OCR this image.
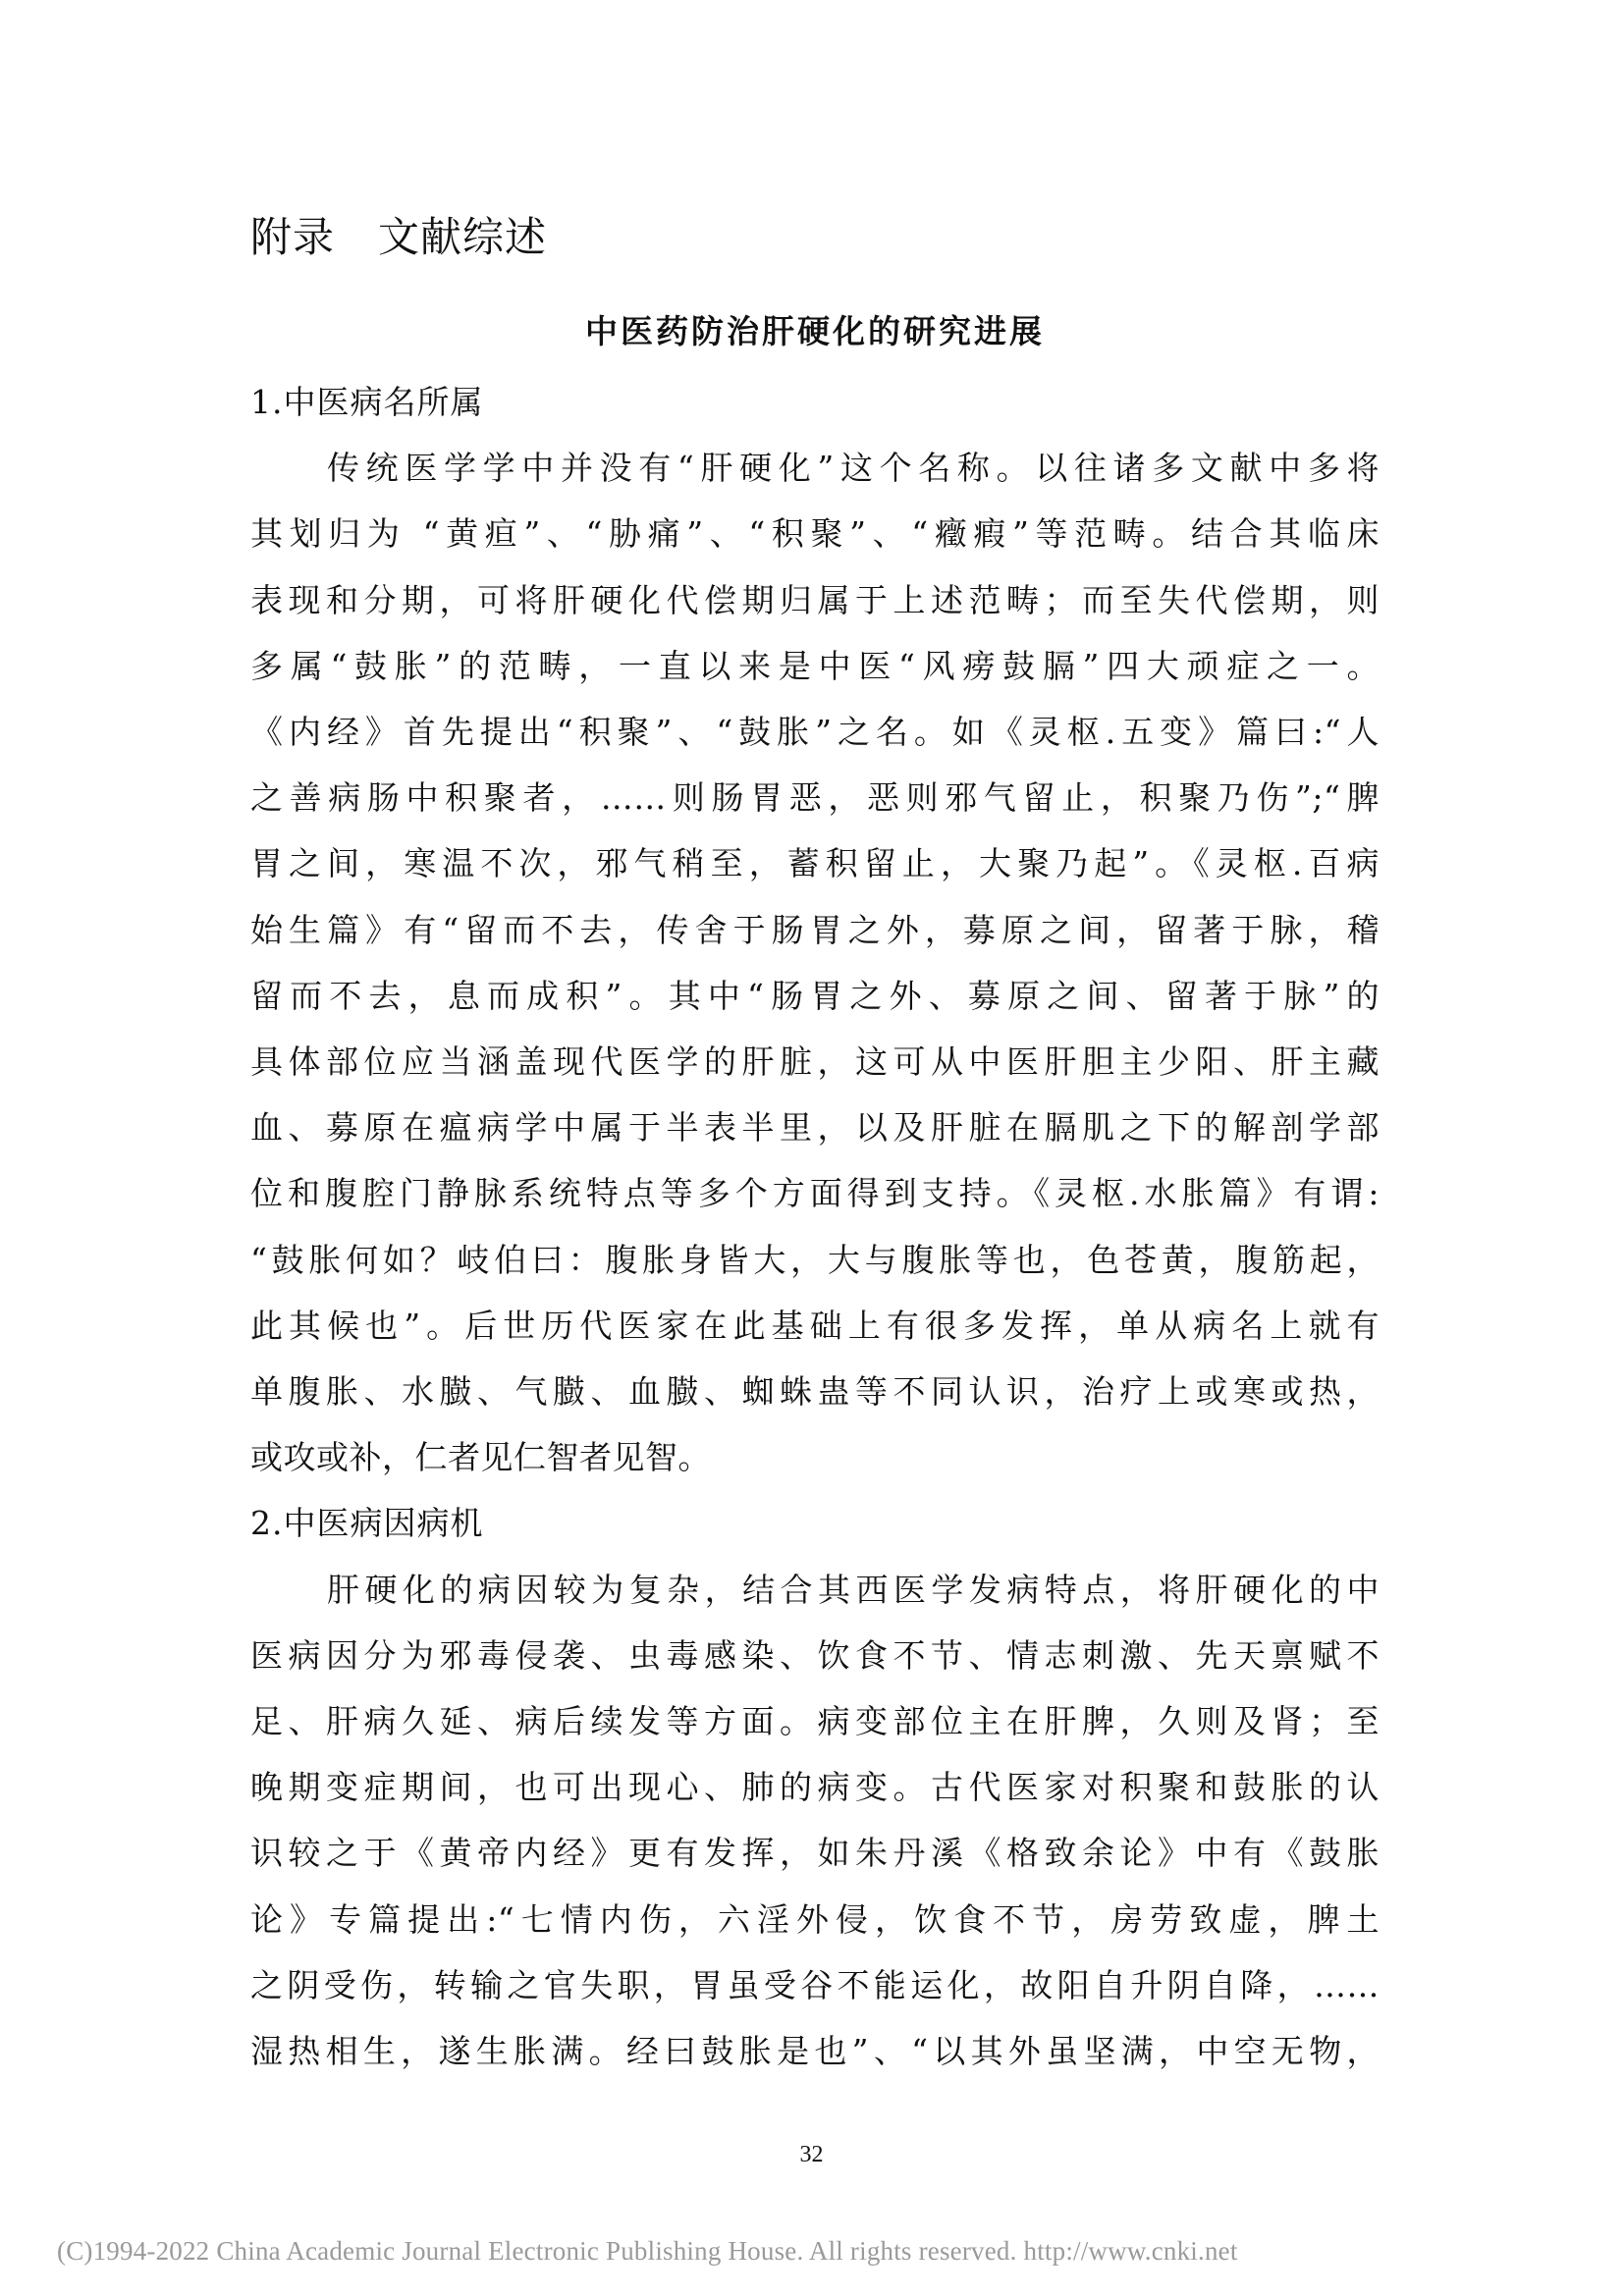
附录 文献综述
中医药防治肝硬化的研究进展
1.中医病名所属
传统医学学中并没有“肝硬化”这个名称。以往诸多文献中多将
其划归为 “黄疸”、“胁痛”、“积聚”、“癥瘕”等范畴。结合其临床
表现和分期，可将肝硬化代偿期归属于上述范畴；而至失代偿期，则
多属“鼓胀”的范畴，一直以来是中医“风痨鼓膈”四大顽症之一。
《内经》首先提出“积聚”、“鼓胀”之名。如《灵枢.五变》篇曰:“人
之善病肠中积聚者，……则肠胃恶，恶则邪气留止，积聚乃伤”;“脾
胃之间，寒温不次，邪气稍至，蓄积留止，大聚乃起”。《灵枢.百病
始生篇》有“留而不去，传舍于肠胃之外，募原之间，留著于脉，稽
留而不去，息而成积”。其中“肠胃之外、募原之间、留著于脉”的
具体部位应当涵盖现代医学的肝脏，这可从中医肝胆主少阳、肝主藏
血、募原在瘟病学中属于半表半里，以及肝脏在膈肌之下的解剖学部
位和腹腔门静脉系统特点等多个方面得到支持。《灵枢.水胀篇》有谓:
“鼓胀何如？岐伯曰：腹胀身皆大，大与腹胀等也，色苍黄，腹筋起，
此其候也”。后世历代医家在此基础上有很多发挥，单从病名上就有
单腹胀、水臌、气臌、血臌、蜘蛛蛊等不同认识，治疗上或寒或热，
或攻或补，仁者见仁智者见智。
2.中医病因病机
肝硬化的病因较为复杂，结合其西医学发病特点，将肝硬化的中
医病因分为邪毒侵袭、虫毒感染、饮食不节、情志刺激、先天禀赋不
足、肝病久延、病后续发等方面。病变部位主在肝脾，久则及肾；至
晚期变症期间，也可出现心、肺的病变。古代医家对积聚和鼓胀的认
识较之于《黄帝内经》更有发挥，如朱丹溪《格致余论》中有《鼓胀
论》专篇提出:“七情内伤，六淫外侵，饮食不节，房劳致虚，脾土
之阴受伤，转输之官失职，胃虽受谷不能运化，故阳自升阴自降，……
湿热相生，遂生胀满。经曰鼓胀是也”、“以其外虽坚满，中空无物，
32
(C)1994-2022 China Academic Journal Electronic Publishing House. All rights reserved. http://www.cnki.net
